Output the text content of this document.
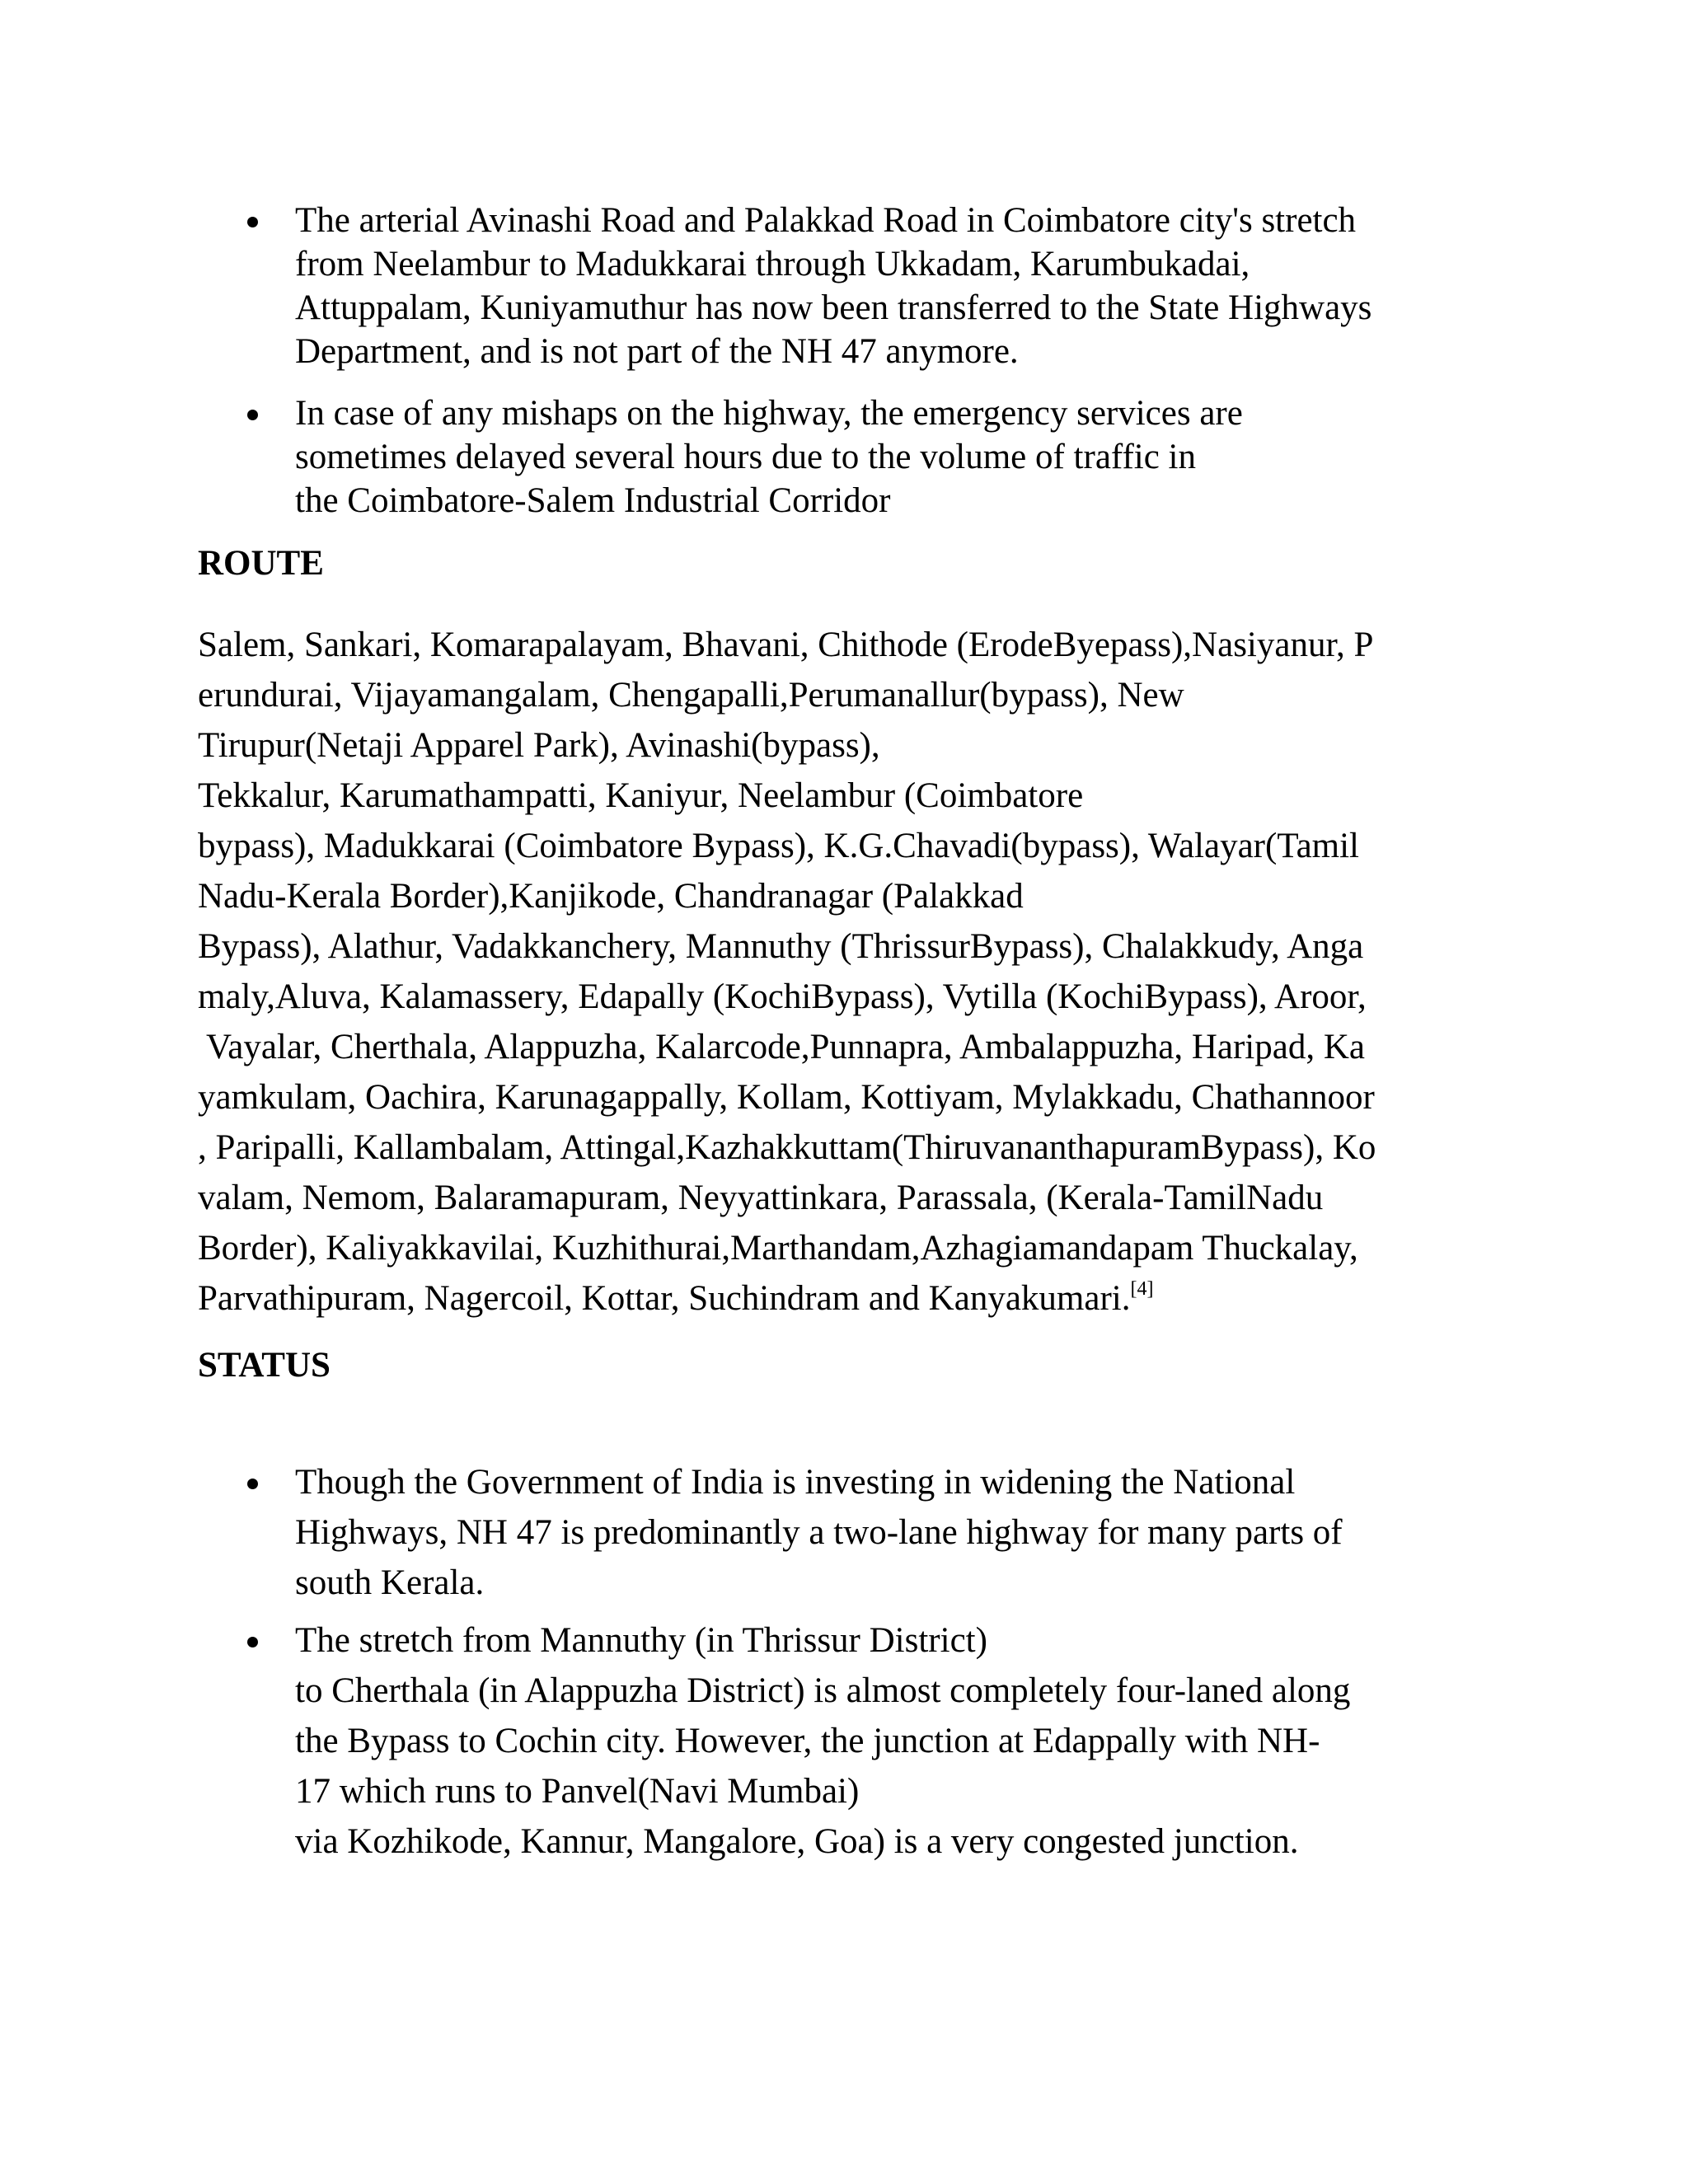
The arterial Avinashi Road and Palakkad Road in Coimbatore city's stretch
from Neelambur to Madukkarai through Ukkadam, Karumbukadai,
Attuppalam, Kuniyamuthur has now been transferred to the State Highways
Department, and is not part of the NH 47 anymore.
In case of any mishaps on the highway, the emergency services are
sometimes delayed several hours due to the volume of traffic in
the Coimbatore-Salem Industrial Corridor
ROUTE

Salem, Sankari, Komarapalayam, Bhavani, Chithode (ErodeByepass),Nasiyanur, P
erundurai, Vijayamangalam, Chengapalli,Perumanallur(bypass), New
Tirupur(Netaji Apparel Park), Avinashi(bypass),
Tekkalur, Karumathampatti, Kaniyur, Neelambur (Coimbatore
bypass), Madukkarai (Coimbatore Bypass), K.G.Chavadi(bypass), Walayar(Tamil
Nadu-Kerala Border),Kanjikode, Chandranagar (Palakkad
Bypass), Alathur, Vadakkanchery, Mannuthy (ThrissurBypass), Chalakkudy, Anga
maly,Aluva, Kalamassery, Edapally (KochiBypass), Vytilla (KochiBypass), Aroor,
Vayalar, Cherthala, Alappuzha, Kalarcode,Punnapra, Ambalappuzha, Haripad, Ka
yamkulam, Oachira, Karunagappally, Kollam, Kottiyam, Mylakkadu, Chathannoor
, Paripalli, Kallambalam, Attingal,Kazhakkuttam(ThiruvananthapuramBypass), Ko
valam, Nemom, Balaramapuram, Neyyattinkara, Parassala, (Kerala-TamilNadu
Border), Kaliyakkavilai, Kuzhithurai,Marthandam,Azhagiamandapam Thuckalay,
Parvathipuram, Nagercoil, Kottar, Suchindram and Kanyakumari.[4]

STATUS
Though the Government of India is investing in widening the National
Highways, NH 47 is predominantly a two-lane highway for many parts of
south Kerala.
The stretch from Mannuthy (in Thrissur District)
to Cherthala (in Alappuzha District) is almost completely four-laned along
the Bypass to Cochin city. However, the junction at Edappally with NH-
17 which runs to Panvel(Navi Mumbai)
via Kozhikode, Kannur, Mangalore, Goa) is a very congested junction.
